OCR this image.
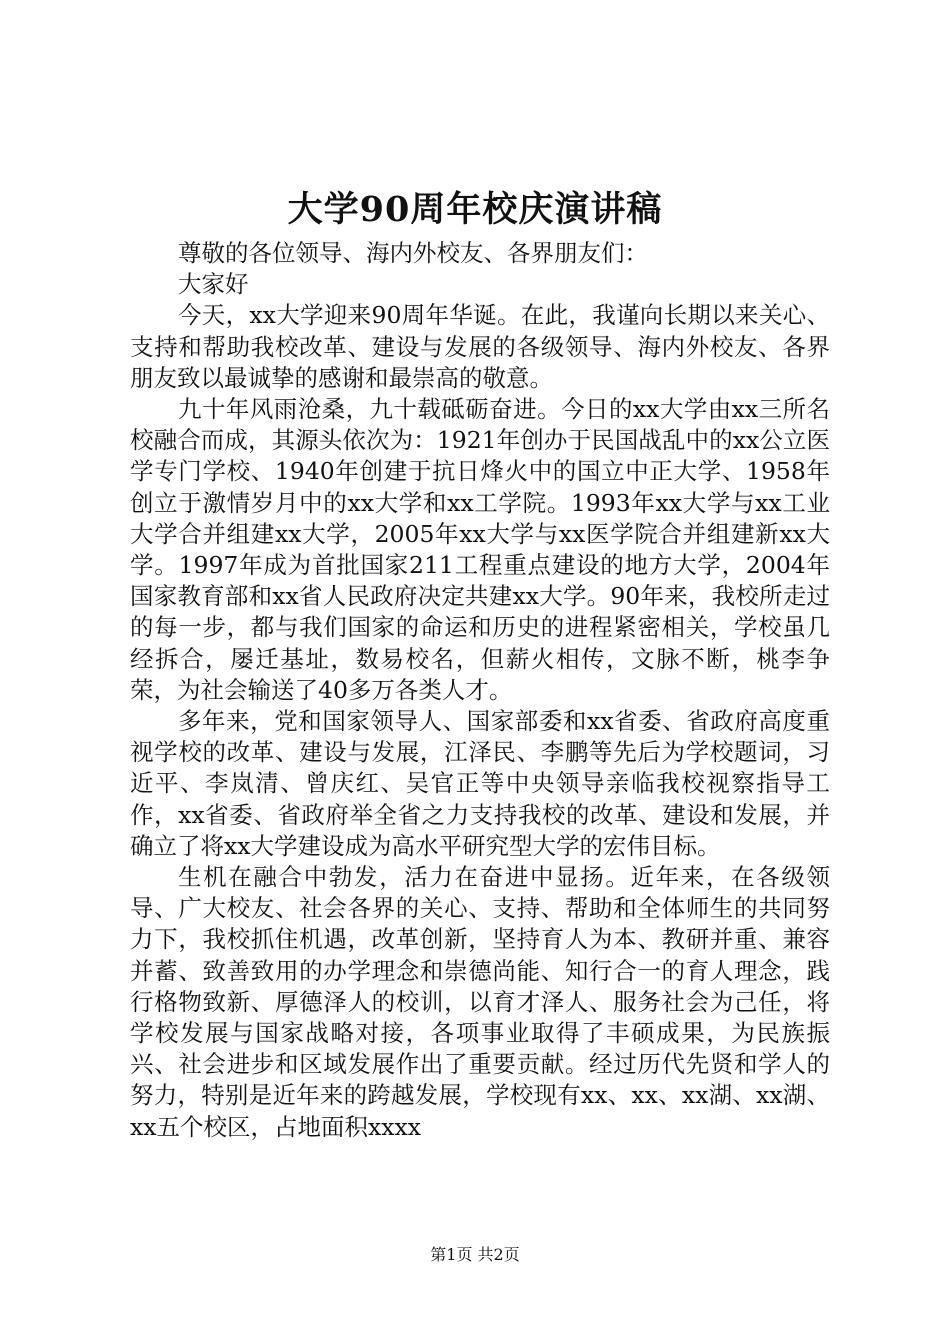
大学90周年校庆演讲稿

尊敬的各位领导、海内外校友、各界朋友们：

大家好

今天，xx大学迎来90周年华诞。在此，我谨向长期以来关心、支持和帮助我校改革、建设与发展的各级领导、海内外校友、各界朋友致以最诚挚的感谢和最崇高的敬意。

九十年风雨沧桑，九十载砥砺奋进。今日的xx大学由xx三所名校融合而成，其源头依次为：1921年创办于民国战乱中的xx公立医学专门学校、1940年创建于抗日烽火中的国立中正大学、1958年创立于激情岁月中的xx大学和xx工学院。1993年xx大学与xx工业大学合并组建xx大学，2005年xx大学与xx医学院合并组建新xx大学。1997年成为首批国家211工程重点建设的地方大学，2004年国家教育部和xx省人民政府决定共建xx大学。90年来，我校所走过的每一步，都与我们国家的命运和历史的进程紧密相关，学校虽几经拆合，屡迁基址，数易校名，但薪火相传，文脉不断，桃李争荣，为社会输送了40多万各类人才。

多年来，党和国家领导人、国家部委和xx省委、省政府高度重视学校的改革、建设与发展，江泽民、李鹏等先后为学校题词，习近平、李岚清、曾庆红、吴官正等中央领导亲临我校视察指导工作，xx省委、省政府举全省之力支持我校的改革、建设和发展，并确立了将xx大学建设成为高水平研究型大学的宏伟目标。

生机在融合中勃发，活力在奋进中显扬。近年来，在各级领导、广大校友、社会各界的关心、支持、帮助和全体师生的共同努力下，我校抓住机遇，改革创新，坚持育人为本、教研并重、兼容并蓄、致善致用的办学理念和崇德尚能、知行合一的育人理念，践行格物致新、厚德泽人的校训，以育才泽人、服务社会为己任，将学校发展与国家战略对接，各项事业取得了丰硕成果，为民族振兴、社会进步和区域发展作出了重要贡献。经过历代先贤和学人的努力，特别是近年来的跨越发展，学校现有xx、xx、xx湖、xx湖、xx五个校区，占地面积xxxx

第1页 共2页
